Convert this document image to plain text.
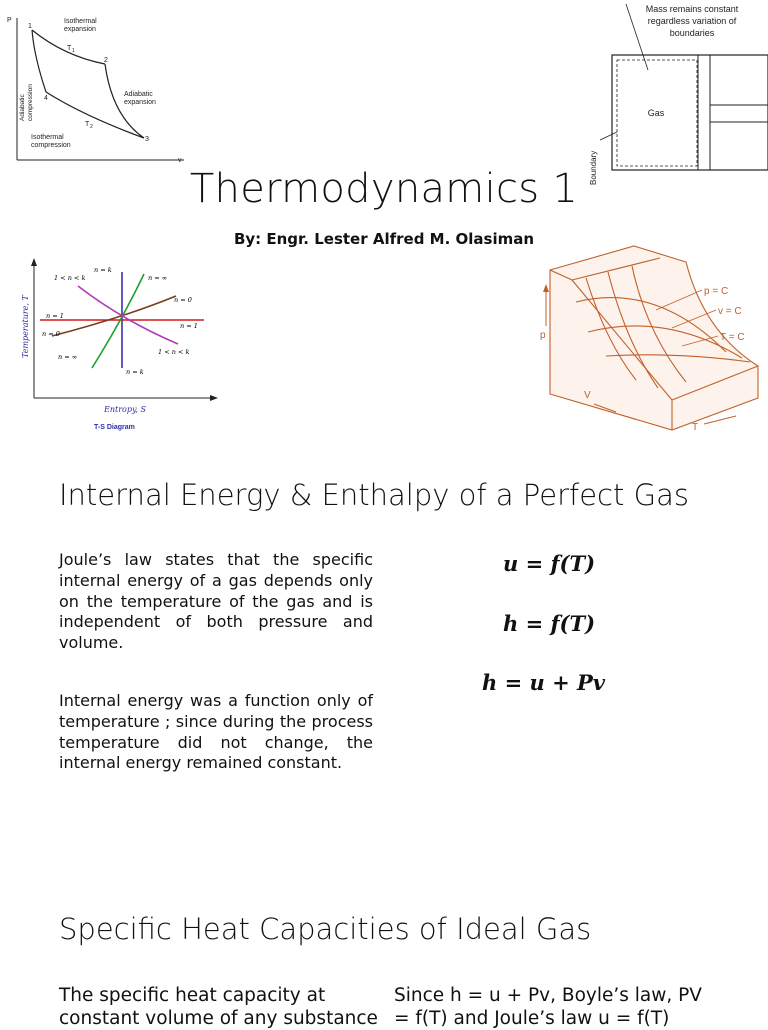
P
v
1
2
3
4
Isothermal
expansion
T 1
Adiabatic
expansion
T 2
Isothermal
compression
Adiabatic compression
Mass remains constant
regardless variation of
boundaries
Gas
Boundary
Thermodynamics 1
By: Engr. Lester Alfred M. Olasiman
n = k
n = ∞
1 < n < k
n = 0
n = 1
n = 1
n = 0
n = ∞
1 < n < k
n = k
Temperature, T
Entropy, S
T-S Diagram
p
V
T
p = C
v = C
T = C
Internal Energy & Enthalpy of a Perfect Gas
Joule’s law states that the specific internal energy of a gas depends only on the temperature of the gas and is independent of both pressure and volume.
Internal energy was a function only of temperature ; since during the process temperature did not change, the internal energy remained constant.
u = f(T)
h = f(T)
h = u + Pv
Specific Heat Capacities of Ideal Gas
The specific heat capacity at constant volume of any substance
Since h = u + Pv, Boyle’s law, PV = f(T) and Joule’s law u = f(T)
